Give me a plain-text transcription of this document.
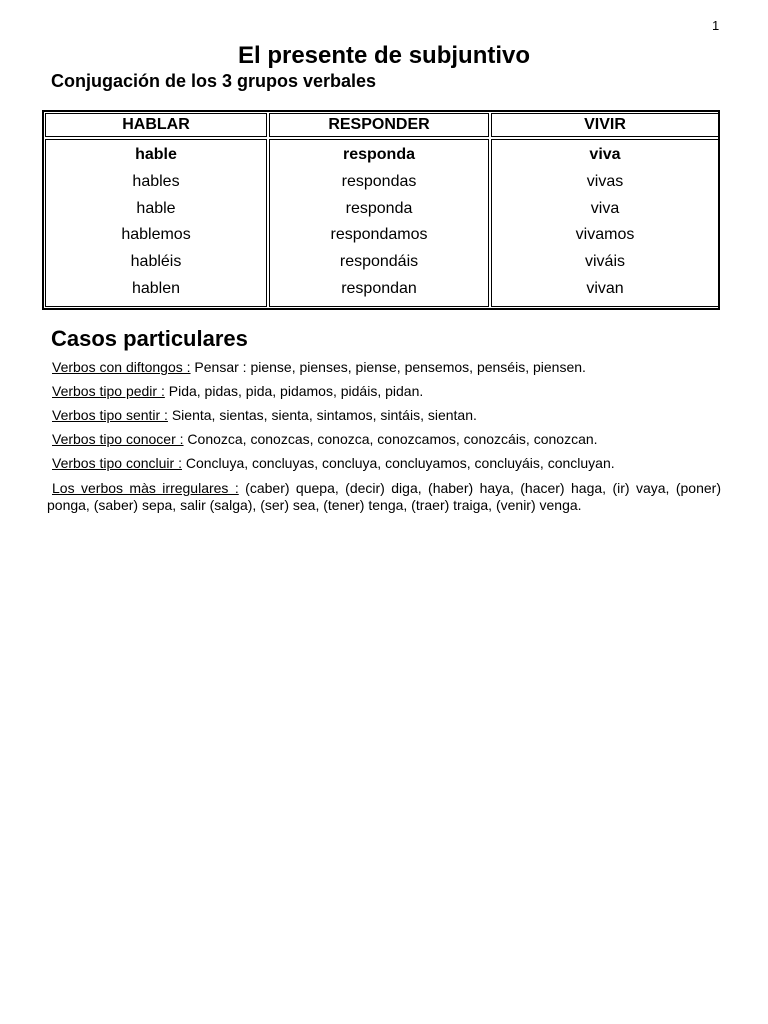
1
El presente de subjuntivo
Conjugación de los 3 grupos verbales
HABLAR	RESPONDER	VIVIR
hable
hables
hable
hablemos
habléis
hablen
responda
respondas
responda
respondamos
respondáis
respondan
viva
vivas
viva
vivamos
viváis
vivan
Casos particulares
Verbos con diftongos : Pensar : piense, pienses, piense, pensemos, penséis, piensen.
Verbos tipo pedir : Pida, pidas, pida, pidamos, pidáis, pidan.
Verbos tipo sentir : Sienta, sientas, sienta, sintamos, sintáis, sientan.
Verbos tipo conocer : Conozca, conozcas, conozca, conozcamos, conozcáis, conozcan.
Verbos tipo concluir : Concluya, concluyas, concluya, concluyamos, concluyáis, concluyan.
Los verbos màs irregulares : (caber) quepa, (decir) diga, (haber) haya, (hacer) haga, (ir) vaya, (poner) ponga, (saber) sepa, salir (salga), (ser) sea, (tener) tenga, (traer) traiga, (venir) venga.
